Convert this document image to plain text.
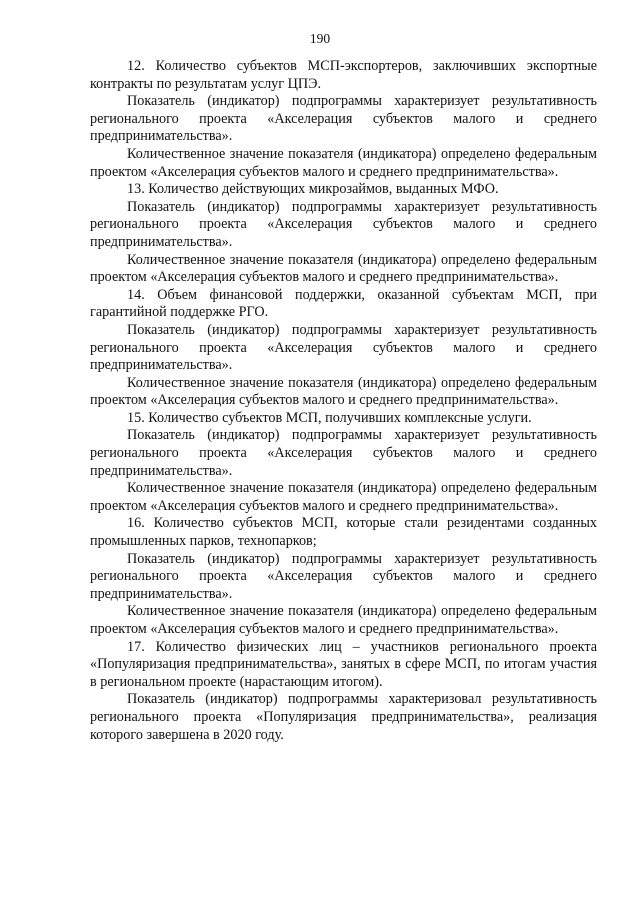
190

12. Количество субъектов МСП-экспортеров, заключивших экспортные контракты по результатам услуг ЦПЭ.

Показатель (индикатор) подпрограммы характеризует результативность регионального проекта «Акселерация субъектов малого и среднего предпринимательства».

Количественное значение показателя (индикатора) определено федеральным проектом «Акселерация субъектов малого и среднего предпринимательства».

13. Количество действующих микрозаймов, выданных МФО.

Показатель (индикатор) подпрограммы характеризует результативность регионального проекта «Акселерация субъектов малого и среднего предпринимательства».

Количественное значение показателя (индикатора) определено федеральным проектом «Акселерация субъектов малого и среднего предпринимательства».

14. Объем финансовой поддержки, оказанной субъектам МСП, при гарантийной поддержке РГО.

Показатель (индикатор) подпрограммы характеризует результативность регионального проекта «Акселерация субъектов малого и среднего предпринимательства».

Количественное значение показателя (индикатора) определено федеральным проектом «Акселерация субъектов малого и среднего предпринимательства».

15. Количество субъектов МСП, получивших комплексные услуги.

Показатель (индикатор) подпрограммы характеризует результативность регионального проекта «Акселерация субъектов малого и среднего предпринимательства».

Количественное значение показателя (индикатора) определено федеральным проектом «Акселерация субъектов малого и среднего предпринимательства».

16. Количество субъектов МСП, которые стали резидентами созданных промышленных парков, технопарков;

Показатель (индикатор) подпрограммы характеризует результативность регионального проекта «Акселерация субъектов малого и среднего предпринимательства».

Количественное значение показателя (индикатора) определено федеральным проектом «Акселерация субъектов малого и среднего предпринимательства».

17. Количество физических лиц – участников регионального проекта «Популяризация предпринимательства», занятых в сфере МСП, по итогам участия в региональном проекте (нарастающим итогом).

Показатель (индикатор) подпрограммы характеризовал результативность регионального проекта «Популяризация предпринимательства», реализация которого завершена в 2020 году.
